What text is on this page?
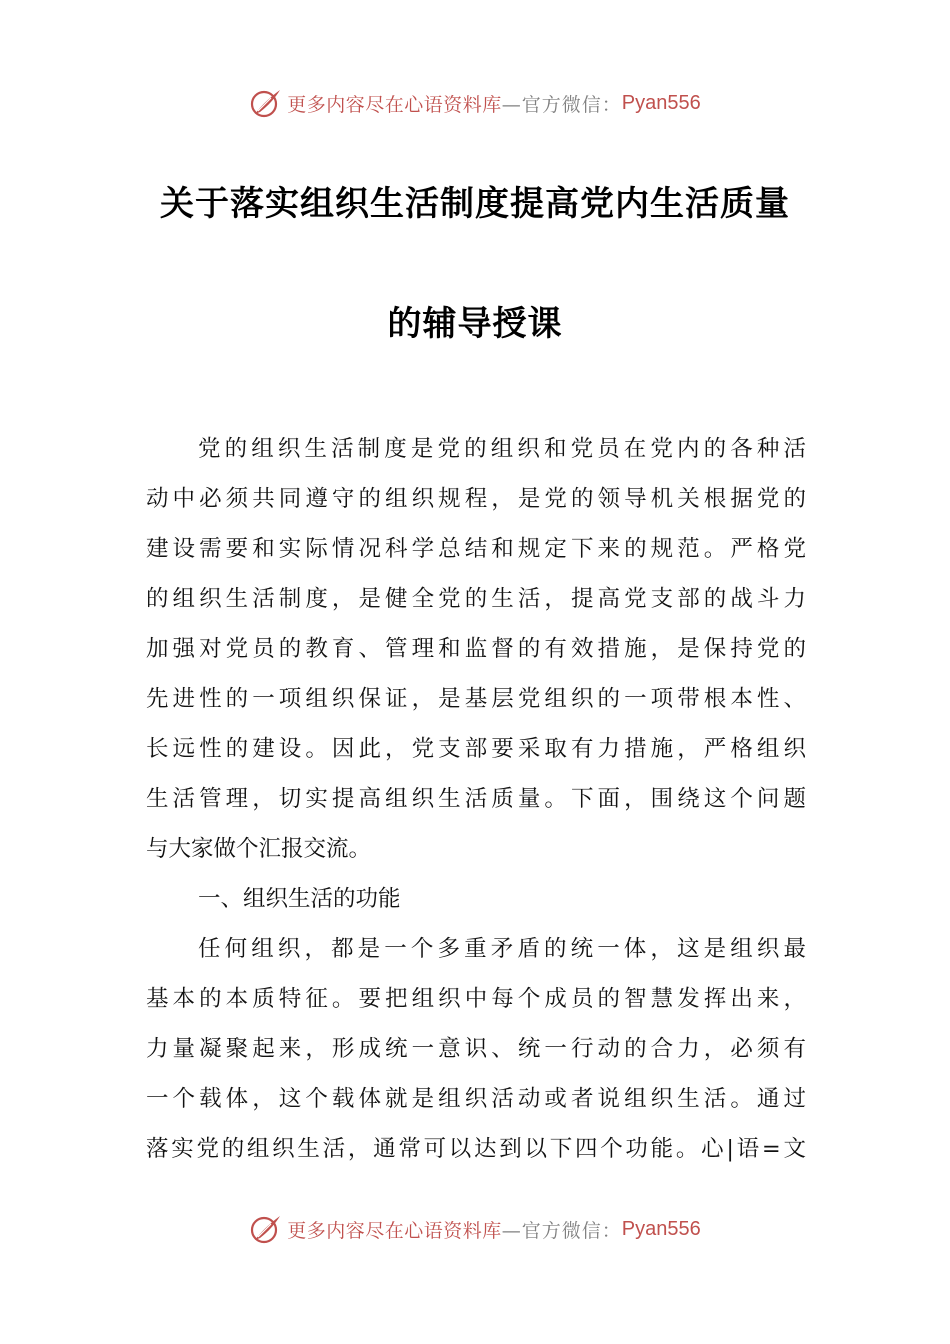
更多内容尽在心语资料库 —官方微信： Pyan556
关于落实组织生活制度提高党内生活质量
的辅导授课
党的组织生活制度是党的组织和党员在党内的各种活
动中必须共同遵守的组织规程，是党的领导机关根据党的
建设需要和实际情况科学总结和规定下来的规范。严格党
的组织生活制度，是健全党的生活，提高党支部的战斗力
加强对党员的教育、管理和监督的有效措施，是保持党的
先进性的一项组织保证，是基层党组织的一项带根本性、
长远性的建设。因此，党支部要采取有力措施，严格组织
生活管理，切实提高组织生活质量。下面，围绕这个问题
与大家做个汇报交流。
一、组织生活的功能
任何组织，都是一个多重矛盾的统一体，这是组织最
基本的本质特征。要把组织中每个成员的智慧发挥出来，
力量凝聚起来，形成统一意识、统一行动的合力，必须有
一个载体，这个载体就是组织活动或者说组织生活。通过
落实党的组织生活，通常可以达到以下四个功能。心|语=文
更多内容尽在心语资料库 —官方微信： Pyan556
